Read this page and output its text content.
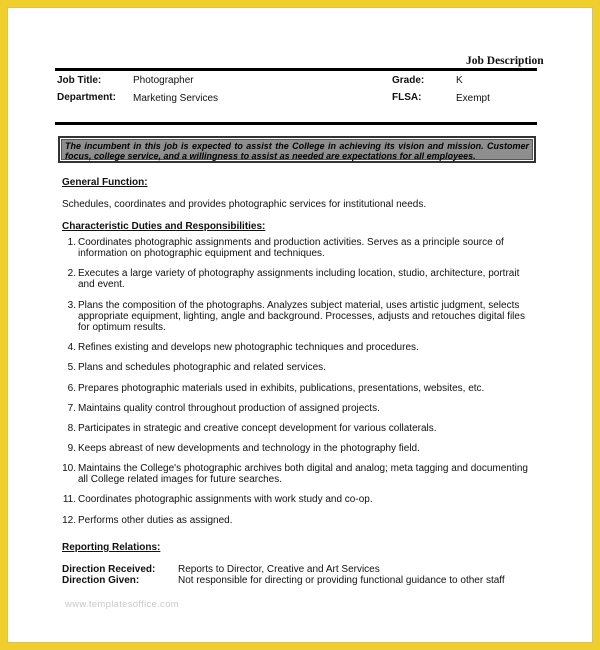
Job Description
Job Title:	Photographer	Grade:	K
Department: Marketing Services	FLSA:	Exempt
The incumbent in this job is expected to assist the College in achieving its vision and mission. Customer focus, college service, and a willingness to assist as needed are expectations for all employees.
General Function:
Schedules, coordinates and provides photographic services for institutional needs.
Characteristic Duties and Responsibilities:
1. Coordinates photographic assignments and production activities. Serves as a principle source of information on photographic equipment and techniques.
2. Executes a large variety of photography assignments including location, studio, architecture, portrait and event.
3. Plans the composition of the photographs. Analyzes subject material, uses artistic judgment, selects appropriate equipment, lighting, angle and background. Processes, adjusts and retouches digital files for optimum results.
4. Refines existing and develops new photographic techniques and procedures.
5. Plans and schedules photographic and related services.
6. Prepares photographic materials used in exhibits, publications, presentations, websites, etc.
7. Maintains quality control throughout production of assigned projects.
8. Participates in strategic and creative concept development for various collaterals.
9. Keeps abreast of new developments and technology in the photography field.
10. Maintains the College's photographic archives both digital and analog; meta tagging and documenting all College related images for future searches.
11. Coordinates photographic assignments with work study and co-op.
12. Performs other duties as assigned.
Reporting Relations:
Direction Received: Reports to Director, Creative and Art Services
Direction Given:	Not responsible for directing or providing functional guidance to other staff
www.templatesoffice.com
